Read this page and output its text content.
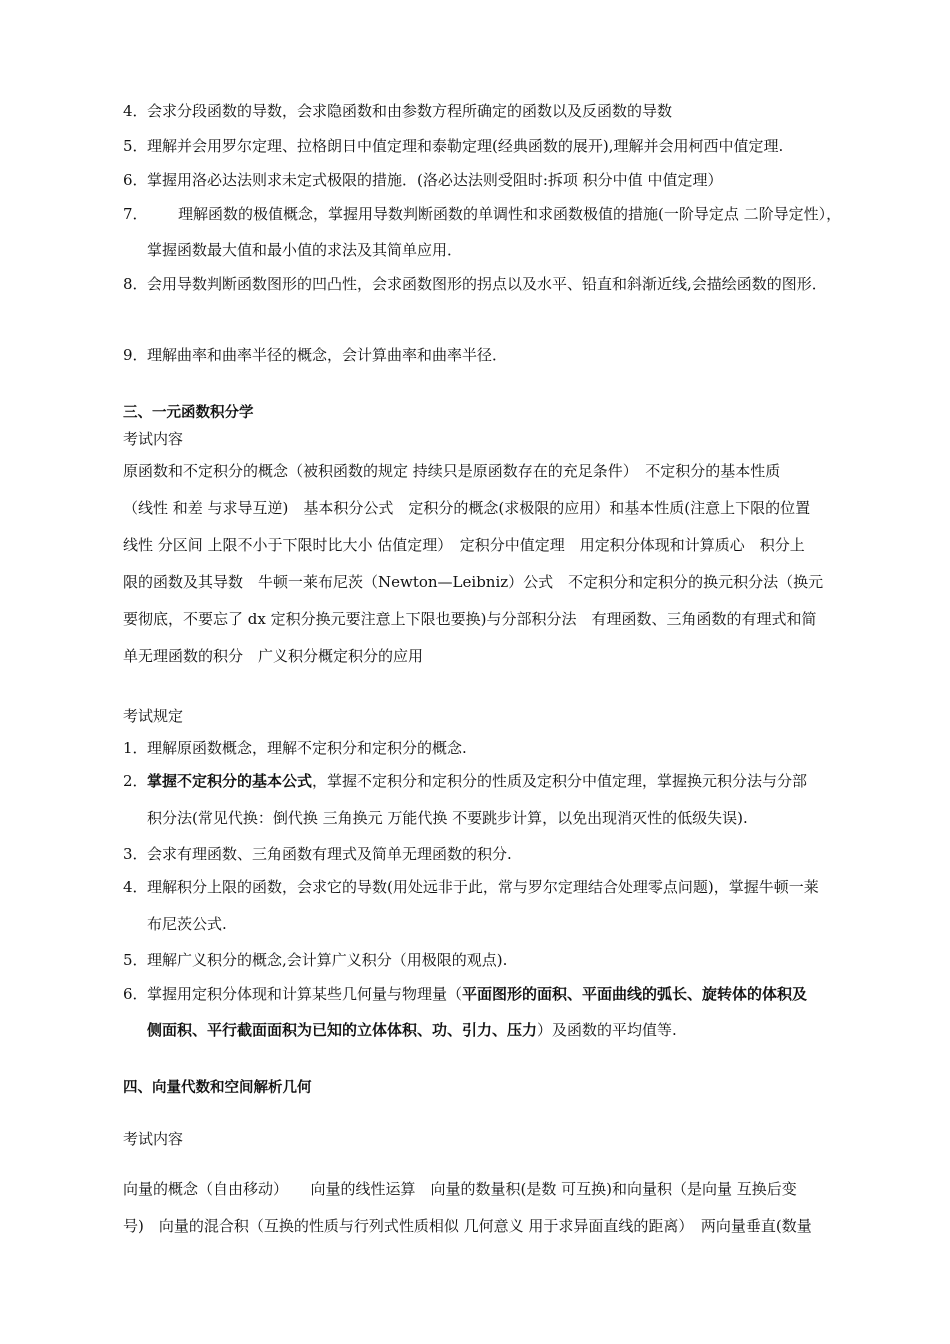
4．会求分段函数的导数，会求隐函数和由参数方程所确定的函数以及反函数的导数
5．理解并会用罗尔定理、拉格朗日中值定理和泰勒定理(经典函数的展开),理解并会用柯西中值定理.
6．掌握用洛必达法则求未定式极限的措施．(洛必达法则受阻时:拆项 积分中值 中值定理）
7．　理解函数的极值概念，掌握用导数判断函数的单调性和求函数极值的措施(一阶导定点 二阶导定性），
掌握函数最大值和最小值的求法及其简单应用．
8．会用导数判断函数图形的凹凸性，会求函数图形的拐点以及水平、铅直和斜渐近线,会描绘函数的图形．
9．理解曲率和曲率半径的概念，会计算曲率和曲率半径．
三、一元函数积分学
考试内容
原函数和不定积分的概念（被积函数的规定 持续只是原函数存在的充足条件）　不定积分的基本性质
（线性 和差 与求导互逆)　基本积分公式　定积分的概念(求极限的应用）和基本性质(注意上下限的位置
线性 分区间 上限不小于下限时比大小 估值定理）　定积分中值定理　用定积分体现和计算质心　积分上
限的函数及其导数　牛顿一莱布尼茨（Newton—Leibniz）公式　不定积分和定积分的换元积分法（换元
要彻底，不要忘了 dx 定积分换元要注意上下限也要换)与分部积分法　有理函数、三角函数的有理式和简
单无理函数的积分　广义积分概定积分的应用
考试规定
1．理解原函数概念，理解不定积分和定积分的概念.
2．掌握不定积分的基本公式，掌握不定积分和定积分的性质及定积分中值定理，掌握换元积分法与分部
积分法(常见代换：倒代换 三角换元 万能代换 不要跳步计算，以免出现消灭性的低级失误).
3．会求有理函数、三角函数有理式及简单无理函数的积分.
4．理解积分上限的函数，会求它的导数(用处远非于此，常与罗尔定理结合处理零点问题)，掌握牛顿一莱
布尼茨公式.
5．理解广义积分的概念,会计算广义积分（用极限的观点).
6．掌握用定积分体现和计算某些几何量与物理量（平面图形的面积、平面曲线的弧长、旋转体的体积及
侧面积、平行截面面积为已知的立体体积、功、引力、压力）及函数的平均值等.
四、向量代数和空间解析几何
考试内容
向量的概念（自由移动）　　向量的线性运算　向量的数量积(是数 可互换)和向量积（是向量 互换后变
号)　向量的混合积（互换的性质与行列式性质相似 几何意义 用于求异面直线的距离）　两向量垂直(数量
